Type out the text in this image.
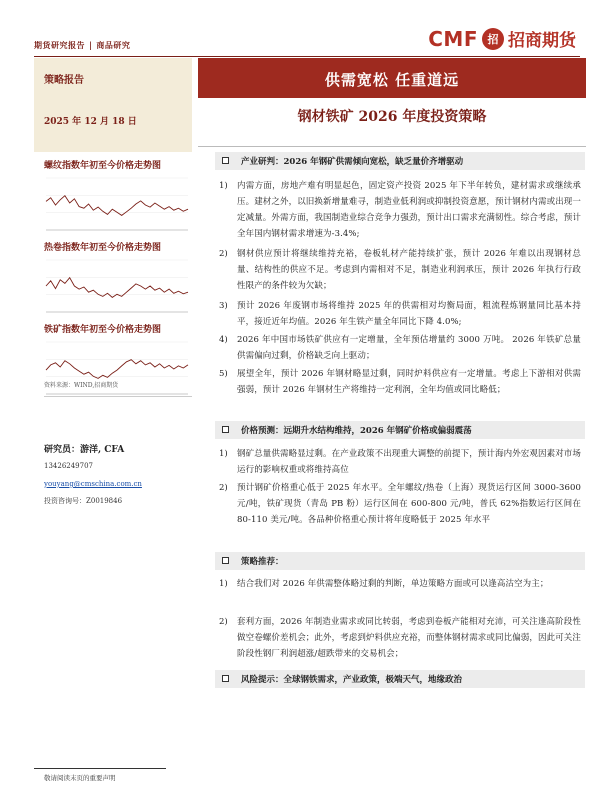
期货研究报告 | 商品研究	CMF 招 招商期货
策略报告
2025 年 12 月 18 日
供需宽松 任重道远
钢材铁矿 2026 年度投资策略
螺纹指数年初至今价格走势图
热卷指数年初至今价格走势图
铁矿指数年初至今价格走势图
资料来源：WIND,招商期货
研究员：游洋, CFA
13426249707
youyang@cmschina.com.cn
投资咨询号：Z0019846
产业研判：2026 年钢矿供需倾向宽松，缺乏量价齐增驱动
1) 内需方面，房地产难有明显起色，固定资产投资 2025 年下半年转负，建材需求或继续承压。建材之外，以旧换新增量难寻，制造业低利润或抑制投资意愿，预计钢材内需或出现一定减量。外需方面，我国制造业综合竞争力强劲，预计出口需求充满韧性。综合考虑，预计全年国内钢材需求增速为-3.4%;
2) 钢材供应预计将继续维持充裕，卷板轧材产能持续扩张，预计 2026 年难以出现钢材总量、结构性的供应不足。考虑到内需相对不足，制造业利润承压，预计 2026 年执行行政性限产的条件较为欠缺；
3) 预计 2026 年废钢市场将维持 2025 年的供需相对均衡局面，粗流程炼钢量同比基本持平，接近近年均值。2026 年生铁产量全年同比下降 4.0%;
4) 2026 年中国市场铁矿供应有一定增量，全年预估增量约 3000 万吨。 2026 年铁矿总量供需偏向过剩，价格缺乏向上驱动；
5) 展望全年，预计 2026 年钢材略显过剩，同时炉料供应有一定增量。考虑上下游相对供需强弱，预计 2026 年钢材生产将维持一定利润，全年均值或同比略低；
价格预测：远期升水结构维持，2026 年钢矿价格或偏弱震荡
1) 钢矿总量供需略显过剩。在产业政策不出现重大调整的前提下，预计海内外宏观因素对市场运行的影响权重或将维持高位
2) 预计钢矿价格重心低于 2025 年水平。全年螺纹/热卷（上海）现货运行区间 3000-3600 元/吨，铁矿现货（青岛 PB 粉）运行区间在 600-800 元/吨，普氏 62%指数运行区间在 80-110 美元/吨。各品种价格重心预计将年度略低于 2025 年水平
策略推荐：
1) 结合我们对 2026 年供需整体略过剩的判断，单边策略方面或可以逢高沽空为主；
2) 套利方面，2026 年制造业需求或同比转弱，考虑到卷板产能相对充沛，可关注逢高阶段性做空卷螺价差机会；此外，考虑到炉料供应充裕，而整体钢材需求或同比偏弱，因此可关注阶段性钢厂利润超涨/超跌带来的交易机会；
风险提示：全球钢铁需求，产业政策，极端天气，地缘政治
敬请阅读末页的重要声明
